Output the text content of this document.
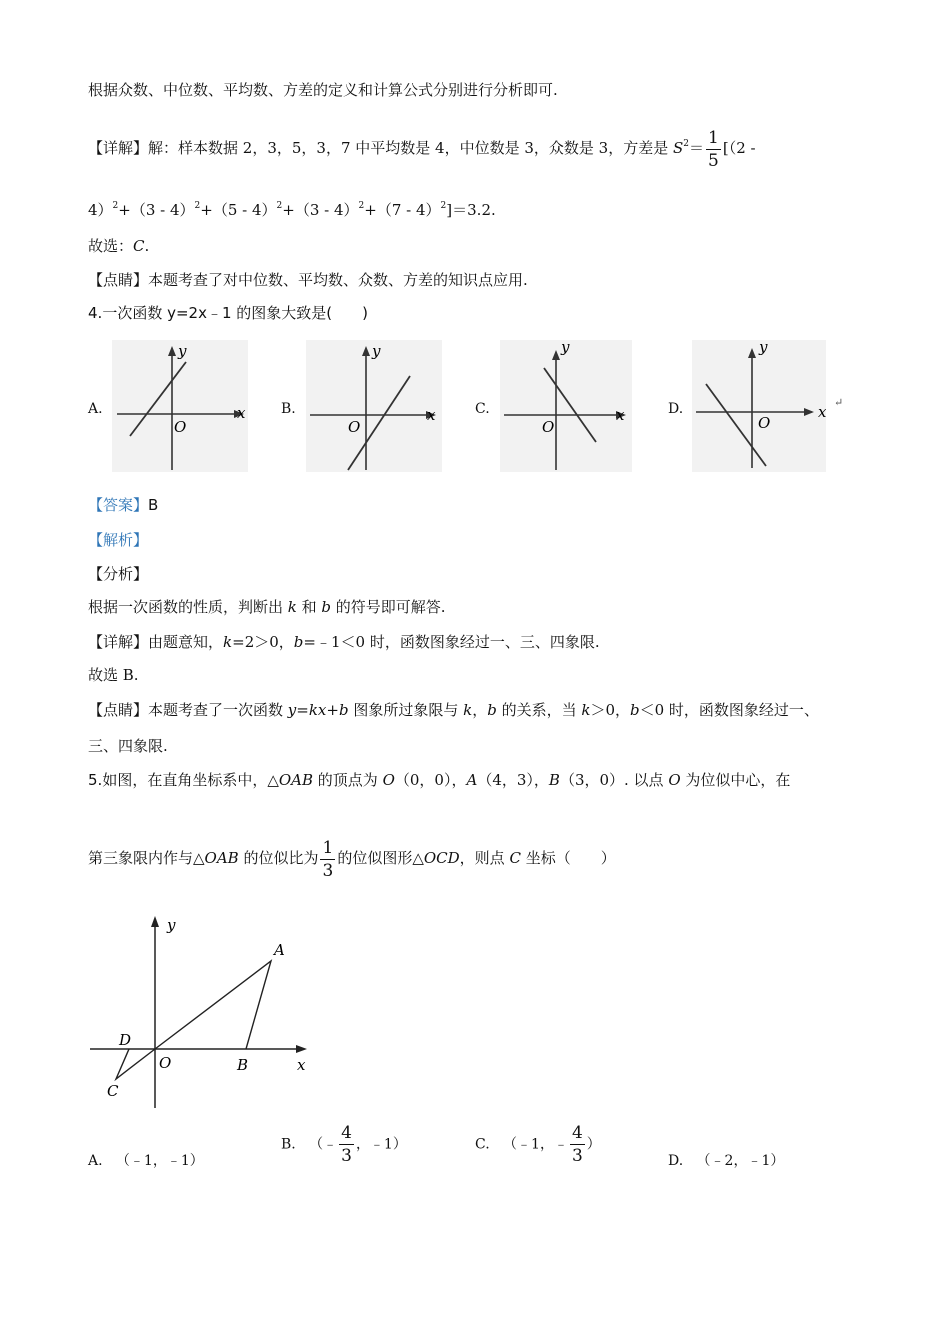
根据众数、中位数、平均数、方差的定义和计算公式分别进行分析即可.
【详解】解：样本数据 2，3，5，3，7 中平均数是 4，中位数是 3，众数是 3，方差是 $S^2= \frac{1}{5} [(2$ -
4）$^2$+（3 - 4）$^2$+（5 - 4）$^2$+（3 - 4）$^2$+（7 - 4）$^2$]＝3.2.
故选：C.
【点睛】本题考查了对中位数、平均数、众数、方差的知识点应用.
4.一次函数 y=2x﹣1 的图象大致是(　　)
A.	x
y
O
B.	x
y
O
C.	x
y
O
D.	x
y
O
↵
【答案】B
【解析】
【分析】
根据一次函数的性质，判断出 k 和 b 的符号即可解答.
【详解】由题意知，k=2＞0，b=﹣1＜0 时，函数图象经过一、三、四象限.
故选 B.
【点睛】本题考查了一次函数 y=kx+b 图象所过象限与 k，b 的关系，当 k＞0，b＜0 时，函数图象经过一、
三、四象限.
5.如图，在直角坐标系中，△OAB 的顶点为 O（0，0），A（4，3），B（3，0）. 以点 O 为位似中心，在
第三象限内作与△OAB 的位似比为 $\frac{1}{3}$ 的位似图形△OCD，则点 C 坐标（　　）
y
x
A
D
O	B
C
A. （﹣1，﹣1）
B. （﹣ $\frac{4}{3}$ ，﹣1）	C. （﹣1，﹣ $\frac{4}{3}$ ）
D. （﹣2，﹣1）
